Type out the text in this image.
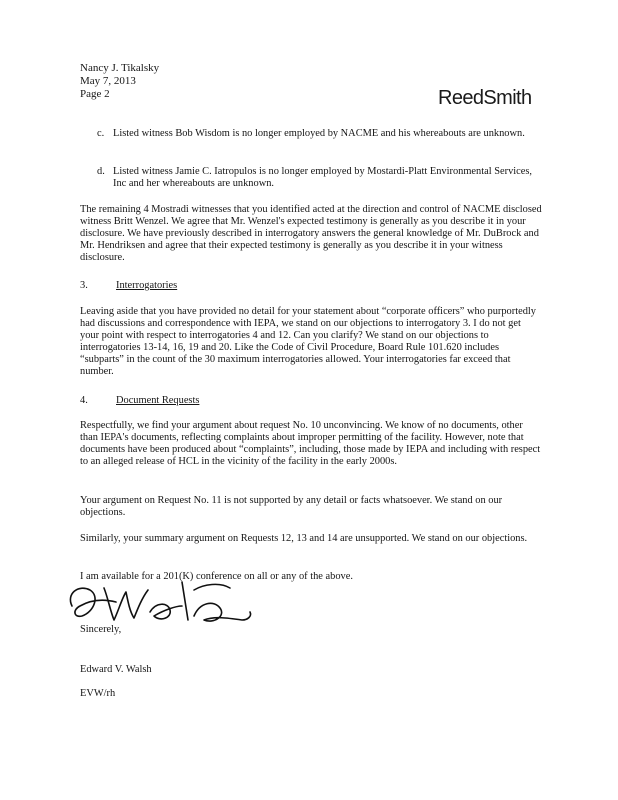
Nancy J. Tikalsky
May 7, 2013
Page 2	ReedSmith
c. Listed witness Bob Wisdom is no longer employed by NACME and his whereabouts are unknown.
d. Listed witness Jamie C. Iatropulos is no longer employed by Mostardi-Platt Environmental Services, Inc and her whereabouts are unknown.
The remaining 4 Mostradi witnesses that you identified acted at the direction and control of NACME disclosed witness Britt Wenzel. We agree that Mr. Wenzel's expected testimony is generally as you describe it in your disclosure. We have previously described in interrogatory answers the general knowledge of Mr. DuBrock and Mr. Hendriksen and agree that their expected testimony is generally as you describe it in your witness disclosure.
3.	Interrogatories
Leaving aside that you have provided no detail for your statement about “corporate officers” who purportedly had discussions and correspondence with IEPA, we stand on our objections to interrogatory 3. I do not get your point with respect to interrogatories 4 and 12. Can you clarify? We stand on our objections to interrogatories 13-14, 16, 19 and 20. Like the Code of Civil Procedure, Board Rule 101.620 includes “subparts” in the count of the 30 maximum interrogatories allowed. Your interrogatories far exceed that number.
4.	Document Requests
Respectfully, we find your argument about request No. 10 unconvincing. We know of no documents, other than IEPA's documents, reflecting complaints about improper permitting of the facility. However, note that documents have been produced about “complaints”, including, those made by IEPA and including with respect to an alleged release of HCL in the vicinity of the facility in the early 2000s.
Your argument on Request No. 11 is not supported by any detail or facts whatsoever. We stand on our objections.
Similarly, your summary argument on Requests 12, 13 and 14 are unsupported. We stand on our objections.
I am available for a 201(K) conference on all or any of the above.
Sincerely,
Edward V. Walsh
EVW/rh
